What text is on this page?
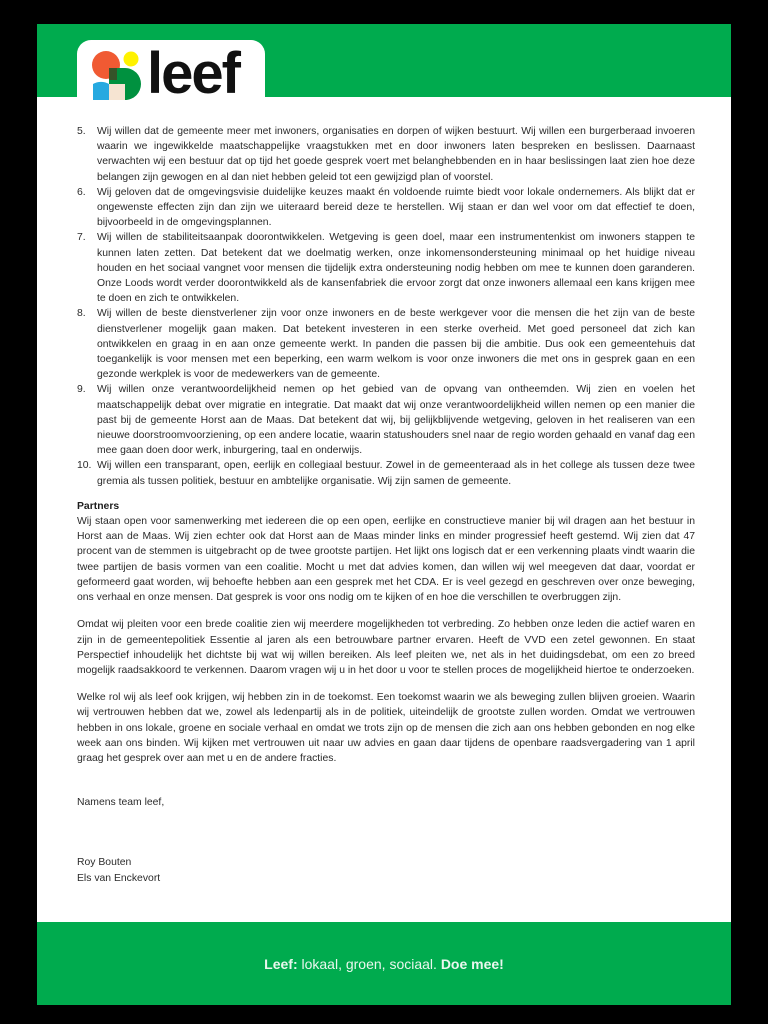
leef
5. Wij willen dat de gemeente meer met inwoners, organisaties en dorpen of wijken bestuurt. Wij willen een burgerberaad invoeren waarin we ingewikkelde maatschappelijke vraagstukken met en door inwoners laten bespreken en beslissen. Daarnaast verwachten wij een bestuur dat op tijd het goede gesprek voert met belanghebbenden en in haar beslissingen laat zien hoe deze belangen zijn gewogen en al dan niet hebben geleid tot een gewijzigd plan of voorstel.
6. Wij geloven dat de omgevingsvisie duidelijke keuzes maakt én voldoende ruimte biedt voor lokale ondernemers. Als blijkt dat er ongewenste effecten zijn dan zijn we uiteraard bereid deze te herstellen. Wij staan er dan wel voor om dat effectief te doen, bijvoorbeeld in de omgevingsplannen.
7. Wij willen de stabiliteitsaanpak doorontwikkelen. Wetgeving is geen doel, maar een instrumentenkist om inwoners stappen te kunnen laten zetten. Dat betekent dat we doelmatig werken, onze inkomensondersteuning minimaal op het huidige niveau houden en het sociaal vangnet voor mensen die tijdelijk extra ondersteuning nodig hebben om mee te kunnen doen garanderen. Onze Loods wordt verder doorontwikkeld als de kansenfabriek die ervoor zorgt dat onze inwoners allemaal een kans krijgen mee te doen en zich te ontwikkelen.
8. Wij willen de beste dienstverlener zijn voor onze inwoners en de beste werkgever voor die mensen die het zijn van de beste dienstverlener mogelijk gaan maken. Dat betekent investeren in een sterke overheid. Met goed personeel dat zich kan ontwikkelen en graag in en aan onze gemeente werkt. In panden die passen bij die ambitie. Dus ook een gemeentehuis dat toegankelijk is voor mensen met een beperking, een warm welkom is voor onze inwoners die met ons in gesprek gaan en een gezonde werkplek is voor de medewerkers van de gemeente.
9. Wij willen onze verantwoordelijkheid nemen op het gebied van de opvang van ontheemden. Wij zien en voelen het maatschappelijk debat over migratie en integratie. Dat maakt dat wij onze verantwoordelijkheid willen nemen op een manier die past bij de gemeente Horst aan de Maas. Dat betekent dat wij, bij gelijkblijvende wetgeving, geloven in het realiseren van een nieuwe doorstroomvoorziening, op een andere locatie, waarin statushouders snel naar de regio worden gehaald en vanaf dag een mee gaan doen door werk, inburgering, taal en onderwijs.
10. Wij willen een transparant, open, eerlijk en collegiaal bestuur. Zowel in de gemeenteraad als in het college als tussen deze twee gremia als tussen politiek, bestuur en ambtelijke organisatie. Wij zijn samen de gemeente.
Partners

Wij staan open voor samenwerking met iedereen die op een open, eerlijke en constructieve manier bij wil dragen aan het bestuur in Horst aan de Maas. Wij zien echter ook dat Horst aan de Maas minder links en minder progressief heeft gestemd. Wij zien dat 47 procent van de stemmen is uitgebracht op de twee grootste partijen. Het lijkt ons logisch dat er een verkenning plaats vindt waarin die twee partijen de basis vormen van een coalitie. Mocht u met dat advies komen, dan willen wij wel meegeven dat daar, voordat er geformeerd gaat worden, wij behoefte hebben aan een gesprek met het CDA. Er is veel gezegd en geschreven over onze beweging, ons verhaal en onze mensen. Dat gesprek is voor ons nodig om te kijken of en hoe die verschillen te overbruggen zijn.

Omdat wij pleiten voor een brede coalitie zien wij meerdere mogelijkheden tot verbreding. Zo hebben onze leden die actief waren en zijn in de gemeentepolitiek Essentie al jaren als een betrouwbare partner ervaren. Heeft de VVD een zetel gewonnen. En staat Perspectief inhoudelijk het dichtste bij wat wij willen bereiken. Als leef pleiten we, net als in het duidingsdebat, om een zo breed mogelijk raadsakkoord te verkennen. Daarom vragen wij u in het door u voor te stellen proces de mogelijkheid hiertoe te onderzoeken.

Welke rol wij als leef ook krijgen, wij hebben zin in de toekomst. Een toekomst waarin we als beweging zullen blijven groeien. Waarin wij vertrouwen hebben dat we, zowel als ledenpartij als in de politiek, uiteindelijk de grootste zullen worden. Omdat we vertrouwen hebben in ons lokale, groene en sociale verhaal en omdat we trots zijn op de mensen die zich aan ons hebben gebonden en nog elke week aan ons binden. Wij kijken met vertrouwen uit naar uw advies en gaan daar tijdens de openbare raadsvergadering van 1 april graag het gesprek over aan met u en de andere fracties.

Namens team leef,

Roy Bouten
Els van Enckevort
Leef: lokaal, groen, sociaal. Doe mee!
